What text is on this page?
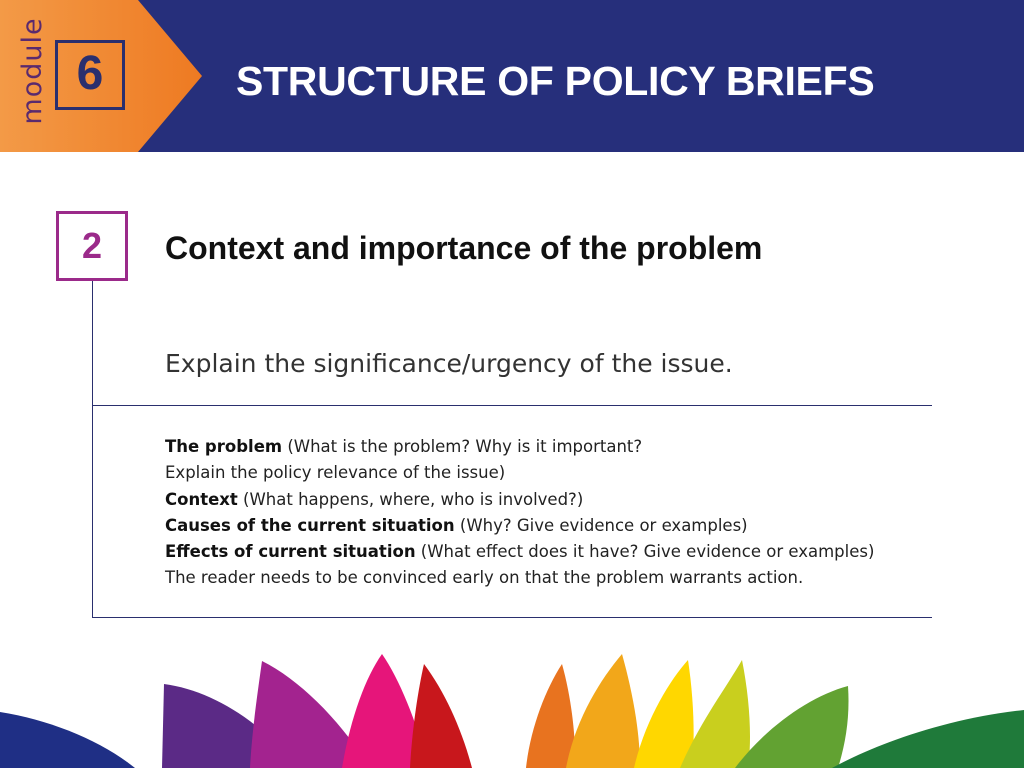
module 6	STRUCTURE OF POLICY BRIEFS
2	Context and importance of the problem
Explain the significance/urgency of the issue.
The problem (What is the problem? Why is it important?
Explain the policy relevance of the issue)
Context (What happens, where, who is involved?)
Causes of the current situation (Why? Give evidence or examples)
Effects of current situation (What effect does it have? Give evidence or examples)
The reader needs to be convinced early on that the problem warrants action.
